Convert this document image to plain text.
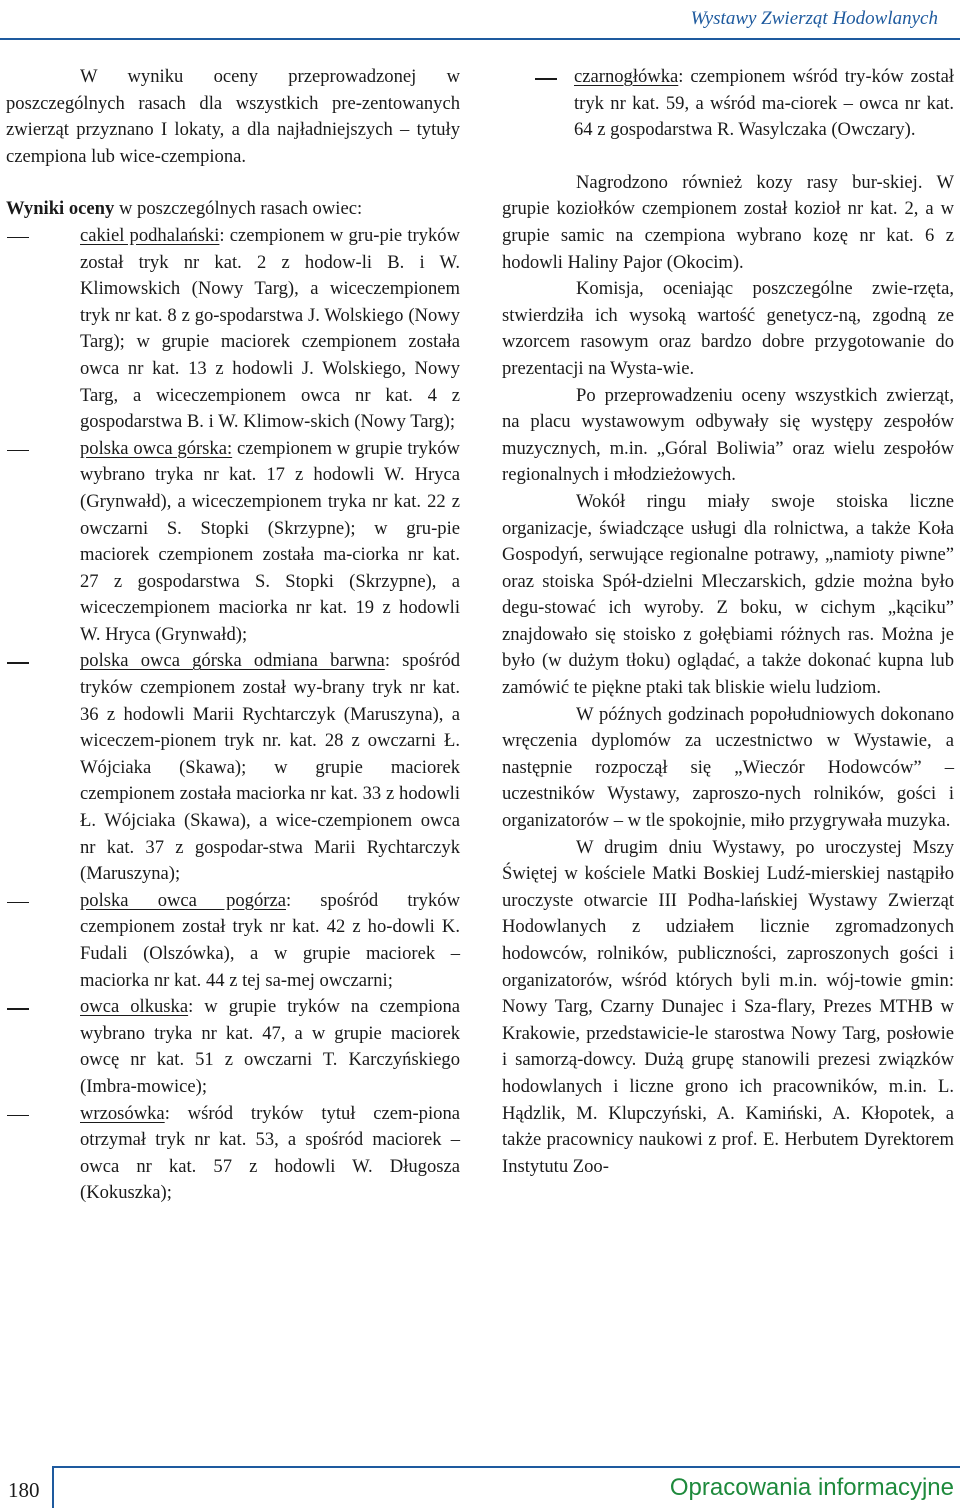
Wystawy Zwierząt Hodowlanych

W wyniku oceny przeprowadzonej w poszczególnych rasach dla wszystkich pre-zentowanych zwierząt przyznano I lokaty, a dla najładniejszych – tytuły czempiona lub wice-czempiona.

Wyniki oceny w poszczególnych rasach owiec:

cakiel podhalański: czempionem w gru-pie tryków został tryk nr kat. 2 z hodow-li B. i W. Klimowskich (Nowy Targ), a wiceczempionem tryk nr kat. 8 z go-spodarstwa J. Wolskiego (Nowy Targ); w grupie maciorek czempionem została owca nr kat. 13 z hodowli J. Wolskiego, Nowy Targ, a wiceczempionem owca nr kat. 4 z gospodarstwa B. i W. Klimow-skich (Nowy Targ);
polska owca górska: czempionem w grupie tryków wybrano tryka nr kat. 17 z hodowli W. Hryca (Grynwałd), a wiceczempionem tryka nr kat. 22 z owczarni S. Stopki (Skrzypne); w gru-pie maciorek czempionem została ma-ciorka nr kat. 27 z gospodarstwa S. Stopki (Skrzypne), a wiceczempionem maciorka nr kat. 19 z hodowli W. Hryca (Grynwałd);
polska owca górska odmiana barwna: spośród tryków czempionem został wy-brany tryk nr kat. 36 z hodowli Marii Rychtarczyk (Maruszyna), a wiceczem-pionem tryk nr. kat. 28 z owczarni Ł. Wójciaka (Skawa); w grupie maciorek czempionem została maciorka nr kat. 33 z hodowli Ł. Wójciaka (Skawa), a wice-czempionem owca nr kat. 37 z gospodar-stwa Marii Rychtarczyk (Maruszyna);
polska owca pogórza: spośród tryków czempionem został tryk nr kat. 42 z ho-dowli K. Fudali (Olszówka), a w grupie maciorek – maciorka nr kat. 44 z tej sa-mej owczarni;
owca olkuska: w grupie tryków na czempiona wybrano tryka nr kat. 47, a w grupie maciorek owcę nr kat. 51 z owczarni T. Karczyńskiego (Imbra-mowice);
wrzosówka: wśród tryków tytuł czem-piona otrzymał tryk nr kat. 53, a spośród maciorek – owca nr kat. 57 z hodowli W. Długosza (Kokuszka);
czarnogłówka: czempionem wśród try-ków został tryk nr kat. 59, a wśród ma-ciorek – owca nr kat. 64 z gospodarstwa R. Wasylczaka (Owczary).

Nagrodzono również kozy rasy bur-skiej. W grupie koziołków czempionem został kozioł nr kat. 2, a w grupie samic na czempiona wybrano kozę nr kat. 6 z hodowli Haliny Pajor (Okocim).

Komisja, oceniając poszczególne zwie-rzęta, stwierdziła ich wysoką wartość genetycz-ną, zgodną ze wzorcem rasowym oraz bardzo dobre przygotowanie do prezentacji na Wysta-wie.

Po przeprowadzeniu oceny wszystkich zwierząt, na placu wystawowym odbywały się występy zespołów muzycznych, m.in. „Góral Boliwia” oraz wielu zespołów regionalnych i młodzieżowych.

Wokół ringu miały swoje stoiska liczne organizacje, świadczące usługi dla rolnictwa, a także Koła Gospodyń, serwujące regionalne potrawy, „namioty piwne” oraz stoiska Spół-dzielni Mleczarskich, gdzie można było degu-stować ich wyroby. Z boku, w cichym „kąciku” znajdowało się stoisko z gołębiami różnych ras. Można je było (w dużym tłoku) oglądać, a także dokonać kupna lub zamówić te piękne ptaki tak bliskie wielu ludziom.

W późnych godzinach popołudniowych dokonano wręczenia dyplomów za uczestnictwo w Wystawie, a następnie rozpoczął się „Wieczór Hodowców” – uczestników Wystawy, zaproszo-nych rolników, gości i organizatorów – w tle spokojnie, miło przygrywała muzyka.

W drugim dniu Wystawy, po uroczystej Mszy Świętej w kościele Matki Boskiej Ludź-mierskiej nastąpiło uroczyste otwarcie III Podha-lańskiej Wystawy Zwierząt Hodowlanych z udziałem licznie zgromadzonych hodowców, rolników, publiczności, zaproszonych gości i organizatorów, wśród których byli m.in. wój-towie gmin: Nowy Targ, Czarny Dunajec i Sza-flary, Prezes MTHB w Krakowie, przedstawicie-le starostwa Nowy Targ, posłowie i samorzą-dowcy. Dużą grupę stanowili prezesi związków hodowlanych i liczne grono ich pracowników, m.in. L. Hądzlik, M. Klupczyński, A. Kamiński, A. Kłopotek, a także pracownicy naukowi z prof. E. Herbutem Dyrektorem Instytutu Zoo-

180	Opracowania informacyjne
